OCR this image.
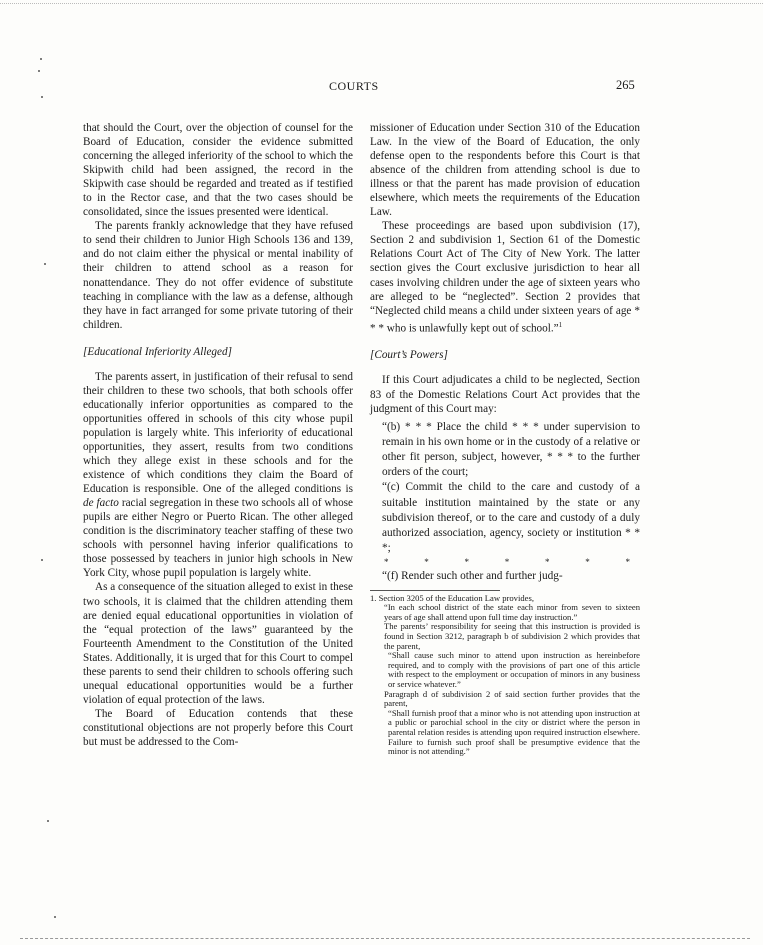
COURTS	265

that should the Court, over the objection of counsel for the Board of Education, consider the evidence submitted concerning the alleged inferiority of the school to which the Skipwith child had been assigned, the record in the Skipwith case should be regarded and treated as if testified to in the Rector case, and that the two cases should be consolidated, since the issues presented were identical.

The parents frankly acknowledge that they have refused to send their children to Junior High Schools 136 and 139, and do not claim either the physical or mental inability of their children to attend school as a reason for nonattendance. They do not offer evidence of substitute teaching in compliance with the law as a defense, although they have in fact arranged for some private tutoring of their children.

[Educational Inferiority Alleged]

The parents assert, in justification of their refusal to send their children to these two schools, that both schools offer educationally inferior opportunities as compared to the opportunities offered in schools of this city whose pupil population is largely white. This inferiority of educational opportunities, they assert, results from two conditions which they allege exist in these schools and for the existence of which conditions they claim the Board of Education is responsible. One of the alleged conditions is de facto racial segregation in these two schools all of whose pupils are either Negro or Puerto Rican. The other alleged condition is the discriminatory teacher staffing of these two schools with personnel having inferior qualifications to those possessed by teachers in junior high schools in New York City, whose pupil population is largely white.

As a consequence of the situation alleged to exist in these two schools, it is claimed that the children attending them are denied equal educational opportunities in violation of the “equal protection of the laws” guaranteed by the Fourteenth Amendment to the Constitution of the United States. Additionally, it is urged that for this Court to compel these parents to send their children to schools offering such unequal educational opportunities would be a further violation of equal protection of the laws.

The Board of Education contends that these constitutional objections are not properly before this Court but must be addressed to the Com-

missioner of Education under Section 310 of the Education Law. In the view of the Board of Education, the only defense open to the respondents before this Court is that absence of the children from attending school is due to illness or that the parent has made provision of education elsewhere, which meets the requirements of the Education Law.

These proceedings are based upon subdivision (17), Section 2 and subdivision 1, Section 61 of the Domestic Relations Court Act of The City of New York. The latter section gives the Court exclusive jurisdiction to hear all cases involving children under the age of sixteen years who are alleged to be “neglected”. Section 2 provides that “Neglected child means a child under sixteen years of age * * * who is unlawfully kept out of school.”$^1$

[Court’s Powers]

If this Court adjudicates a child to be neglected, Section 83 of the Domestic Relations Court Act provides that the judgment of this Court may:

“(b) * * * Place the child * * * under supervision to remain in his own home or in the custody of a relative or other fit person, subject, however, * * * to the further orders of the court;

“(c) Commit the child to the care and custody of a suitable institution maintained by the state or any subdivision thereof, or to the care and custody of a duly authorized association, agency, society or institution * * *;

*	*	*	*	*	*	*

“(f) Render such other and further judg-

1. Section 3205 of the Education Law provides,

“In each school district of the state each minor from seven to sixteen years of age shall attend upon full time day instruction.”

The parents’ responsibility for seeing that this instruction is provided is found in Section 3212, paragraph b of subdivision 2 which provides that the parent,

“Shall cause such minor to attend upon instruction as hereinbefore required, and to comply with the provisions of part one of this article with respect to the employment or occupation of minors in any business or service whatever.”

Paragraph d of subdivision 2 of said section further provides that the parent,

“Shall furnish proof that a minor who is not attending upon instruction at a public or parochial school in the city or district where the person in parental relation resides is attending upon required instruction elsewhere. Failure to furnish such proof shall be presumptive evidence that the minor is not attending.”
